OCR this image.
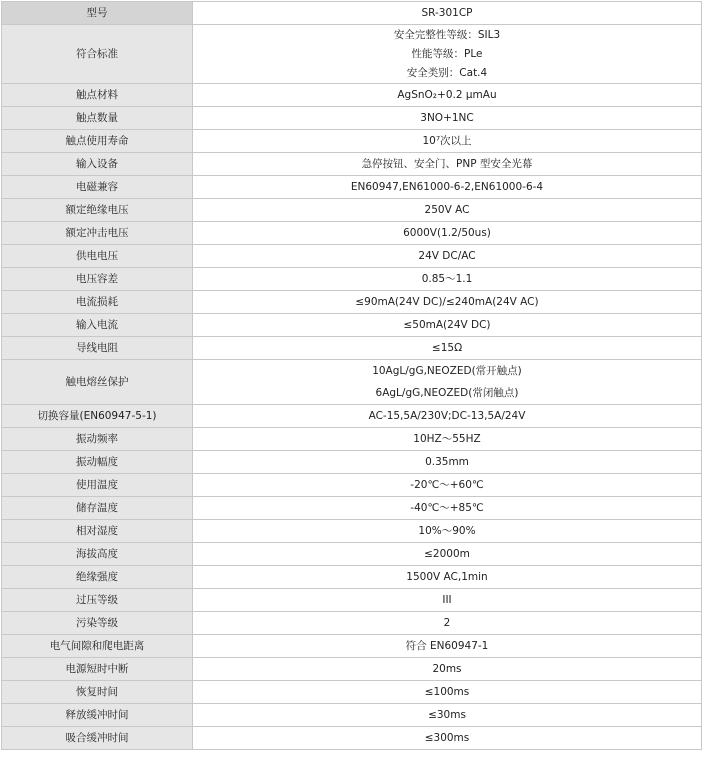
型号	SR-301CP
符合标准	安全完整性等级：SIL3
性能等级：PLe
安全类别：Cat.4

触点材料	AgSnO₂+0.2 μmAu

触点数量	3NO+1NC

触点使用寿命	10⁷次以上

输入设备	急停按钮、安全门、PNP 型安全光幕

电磁兼容	EN60947,EN61000-6-2,EN61000-6-4

额定绝缘电压	250V AC

额定冲击电压	6000V(1.2/50us)

供电电压	24V DC/AC

电压容差	0.85～1.1

电流损耗	≤90mA(24V DC)/≤240mA(24V AC)

输入电流	≤50mA(24V DC)

导线电阻	≤15Ω

触电熔丝保护	10AgL/gG,NEOZED(常开触点)
6AgL/gG,NEOZED(常闭触点)

切换容量(EN60947-5-1)	AC-15,5A/230V;DC-13,5A/24V

振动频率	10HZ～55HZ

振动幅度	0.35mm

使用温度	-20℃～+60℃

储存温度	-40℃～+85℃

相对湿度	10%～90%

海拔高度	≤2000m

绝缘强度	1500V AC,1min

过压等级	III

污染等级	2

电气间隙和爬电距离	符合 EN60947-1

电源短时中断	20ms

恢复时间	≤100ms

释放缓冲时间	≤30ms

吸合缓冲时间	≤300ms
